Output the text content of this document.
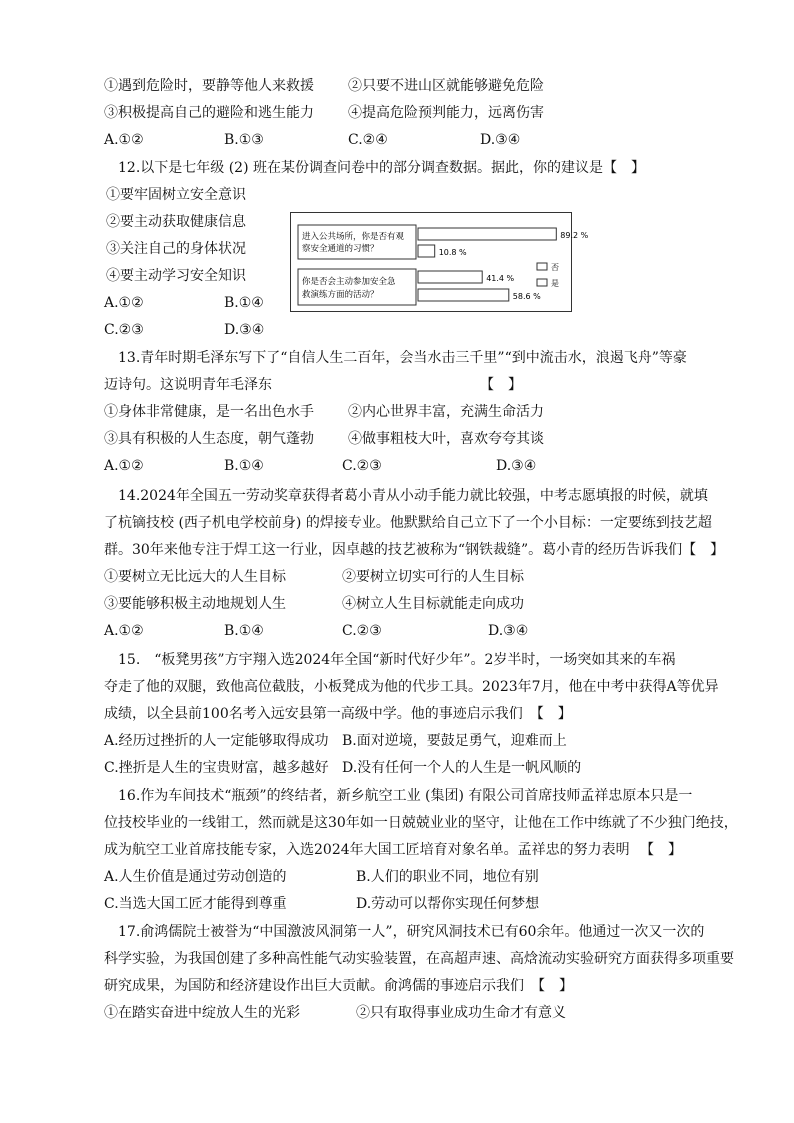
①遇到危险时，要静等他人来救援 ②只要不进山区就能够避免危险
③积极提高自己的避险和逃生能力 ④提高危险预判能力，远离伤害
A.①②	B.①③	C.②④	D.③④
12.以下是七年级 (2) 班在某份调查问卷中的部分调查数据。据此，你的建议是【　】
①要牢固树立安全意识
②要主动获取健康信息
③关注自己的身体状况
④要主动学习安全知识
A.①②	B.①④
C.②③	D.③④
进入公共场所，你是否有观
察安全通道的习惯？
你是否会主动参加安全急
救演练方面的活动？
89.2 %
10.8 %
41.4 %
58.6 %
否
是
13.青年时期毛泽东写下了“自信人生二百年，会当水击三千里”“到中流击水，浪遏飞舟”等豪
迈诗句。这说明青年毛泽东	【　】
①身体非常健康，是一名出色水手 ②内心世界丰富，充满生命活力
③具有积极的人生态度，朝气蓬勃 ④做事粗枝大叶，喜欢夸夸其谈
A.①②	B.①④	C.②③	D.③④
14.2024年全国五一劳动奖章获得者葛小青从小动手能力就比较强，中考志愿填报的时候，就填
了杭镝技校 (西子机电学校前身) 的焊接专业。他默默给自己立下了一个小目标：一定要练到技艺超
群。30年来他专注于焊工这一行业，因卓越的技艺被称为“钢铁裁缝”。葛小青的经历告诉我们【　】
①要树立无比远大的人生目标	②要树立切实可行的人生目标
③要能够积极主动地规划人生	④树立人生目标就能走向成功
A.①②	B.①④	C.②③	D.③④
15.　“板凳男孩”方宇翔入选2024年全国“新时代好少年”。2岁半时，一场突如其来的车祸
夺走了他的双腿，致他高位截肢，小板凳成为他的代步工具。2023年7月，他在中考中获得A等优异
成绩，以全县前100名考入远安县第一高级中学。他的事迹启示我们　【　】
A.经历过挫折的人一定能够取得成功 B.面对逆境，要鼓足勇气，迎难而上
C.挫折是人生的宝贵财富，越多越好 D.没有任何一个人的人生是一帆风顺的
16.作为车间技术“瓶颈”的终结者，新乡航空工业 (集团) 有限公司首席技师孟祥忠原本只是一
位技校毕业的一线钳工，然而就是这30年如一日兢兢业业的坚守，让他在工作中练就了不少独门绝技，
成为航空工业首席技能专家，入选2024年大国工匠培育对象名单。孟祥忠的努力表明 【　】
A.人生价值是通过劳动创造的	B.人们的职业不同，地位有别
C.当选大国工匠才能得到尊重	D.劳动可以帮你实现任何梦想
17.俞鸿儒院士被誉为“中国激波风洞第一人”，研究风洞技术已有60余年。他通过一次又一次的
科学实验，为我国创建了多种高性能气动实验装置，在高超声速、高焓流动实验研究方面获得多项重要
研究成果，为国防和经济建设作出巨大贡献。俞鸿儒的事迹启示我们　【　】
①在踏实奋进中绽放人生的光彩	②只有取得事业成功生命才有意义
